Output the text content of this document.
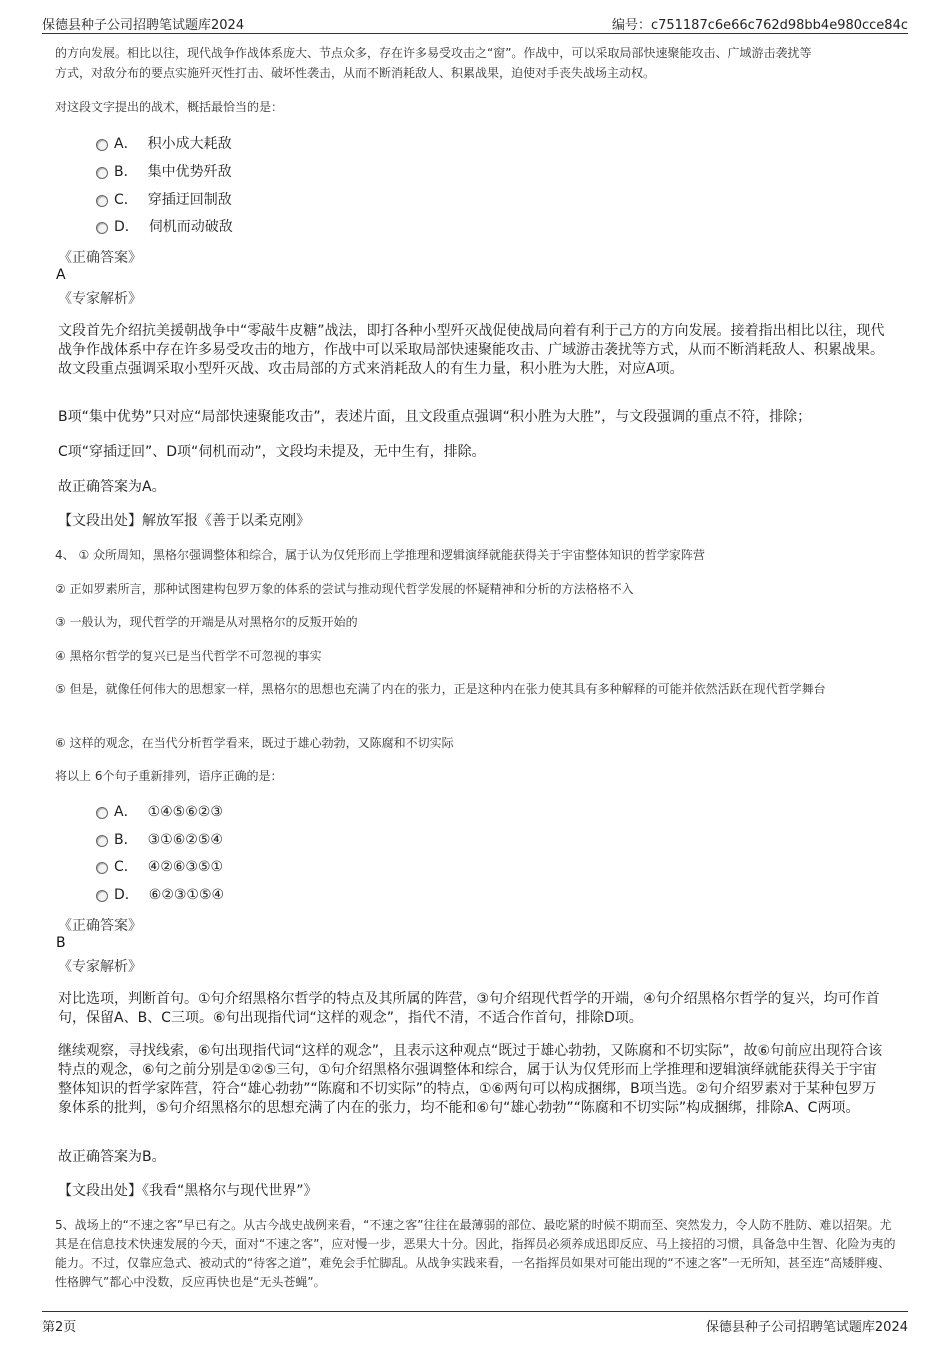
保德县种子公司招聘笔试题库2024	编号：c751187c6e66c762d98bb4e980cce84c
的方向发展。相比以往，现代战争作战体系庞大、节点众多，存在许多易受攻击之“窗”。作战中，可以采取局部快速聚能攻击、广域游击袭扰等
方式，对敌分布的要点实施歼灭性打击、破坏性袭击，从而不断消耗敌人、积累战果，迫使对手丧失战场主动权。
对这段文字提出的战术，概括最恰当的是：
A． 积小成大耗敌
B． 集中优势歼敌
C． 穿插迂回制敌
D． 伺机而动破敌
《正确答案》
A
《专家解析》
文段首先介绍抗美援朝战争中“零敲牛皮糖”战法，即打各种小型歼灭战促使战局向着有利于己方的方向发展。接着指出相比以往，现代战争作战体系中存在许多易受攻击的地方，作战中可以采取局部快速聚能攻击、广域游击袭扰等方式，从而不断消耗敌人、积累战果。故文段重点强调采取小型歼灭战、攻击局部的方式来消耗敌人的有生力量，积小胜为大胜，对应A项。
B项“集中优势”只对应“局部快速聚能攻击”，表述片面，且文段重点强调“积小胜为大胜”，与文段强调的重点不符，排除；
C项“穿插迂回”、D项“伺机而动”，文段均未提及，无中生有，排除。
故正确答案为A。
【文段出处】解放军报《善于以柔克刚》
4、 ① 众所周知，黑格尔强调整体和综合，属于认为仅凭形而上学推理和逻辑演绎就能获得关于宇宙整体知识的哲学家阵营
② 正如罗素所言，那种试图建构包罗万象的体系的尝试与推动现代哲学发展的怀疑精神和分析的方法格格不入
③ 一般认为，现代哲学的开端是从对黑格尔的反叛开始的
④ 黑格尔哲学的复兴已是当代哲学不可忽视的事实
⑤ 但是，就像任何伟大的思想家一样，黑格尔的思想也充满了内在的张力，正是这种内在张力使其具有多种解释的可能并依然活跃在现代哲学舞台
⑥ 这样的观念，在当代分析哲学看来，既过于雄心勃勃，又陈腐和不切实际
将以上 6个句子重新排列，语序正确的是：
A． ①④⑤⑥②③
B． ③①⑥②⑤④
C． ④②⑥③⑤①
D． ⑥②③①⑤④
《正确答案》
B
《专家解析》
对比选项，判断首句。①句介绍黑格尔哲学的特点及其所属的阵营，③句介绍现代哲学的开端，④句介绍黑格尔哲学的复兴，均可作首句，保留A、B、C三项。⑥句出现指代词“这样的观念”，指代不清，不适合作首句，排除D项。
继续观察，寻找线索，⑥句出现指代词“这样的观念”，且表示这种观点“既过于雄心勃勃，又陈腐和不切实际”，故⑥句前应出现符合该特点的观念，⑥句之前分别是①②⑤三句，①句介绍黑格尔强调整体和综合，属于认为仅凭形而上学推理和逻辑演绎就能获得关于宇宙整体知识的哲学家阵营，符合“雄心勃勃”“陈腐和不切实际”的特点，①⑥两句可以构成捆绑，B项当选。②句介绍罗素对于某种包罗万象体系的批判，⑤句介绍黑格尔的思想充满了内在的张力，均不能和⑥句“雄心勃勃”“陈腐和不切实际”构成捆绑，排除A、C两项。
故正确答案为B。
【文段出处】《我看“黑格尔与现代世界”》
5、战场上的“不速之客”早已有之。从古今战史战例来看，“不速之客”往往在最薄弱的部位、最吃紧的时候不期而至、突然发力，令人防不胜防、难以招架。尤其是在信息技术快速发展的今天，面对“不速之客”，应对慢一步，恶果大十分。因此，指挥员必须养成迅即反应、马上接招的习惯，具备急中生智、化险为夷的能力。不过，仅靠应急式、被动式的“待客之道”，难免会手忙脚乱。从战争实践来看，一名指挥员如果对可能出现的“不速之客”一无所知，甚至连“高矮胖瘦、性格脾气”都心中没数，反应再快也是“无头苍蝇”。
第2页	保德县种子公司招聘笔试题库2024
